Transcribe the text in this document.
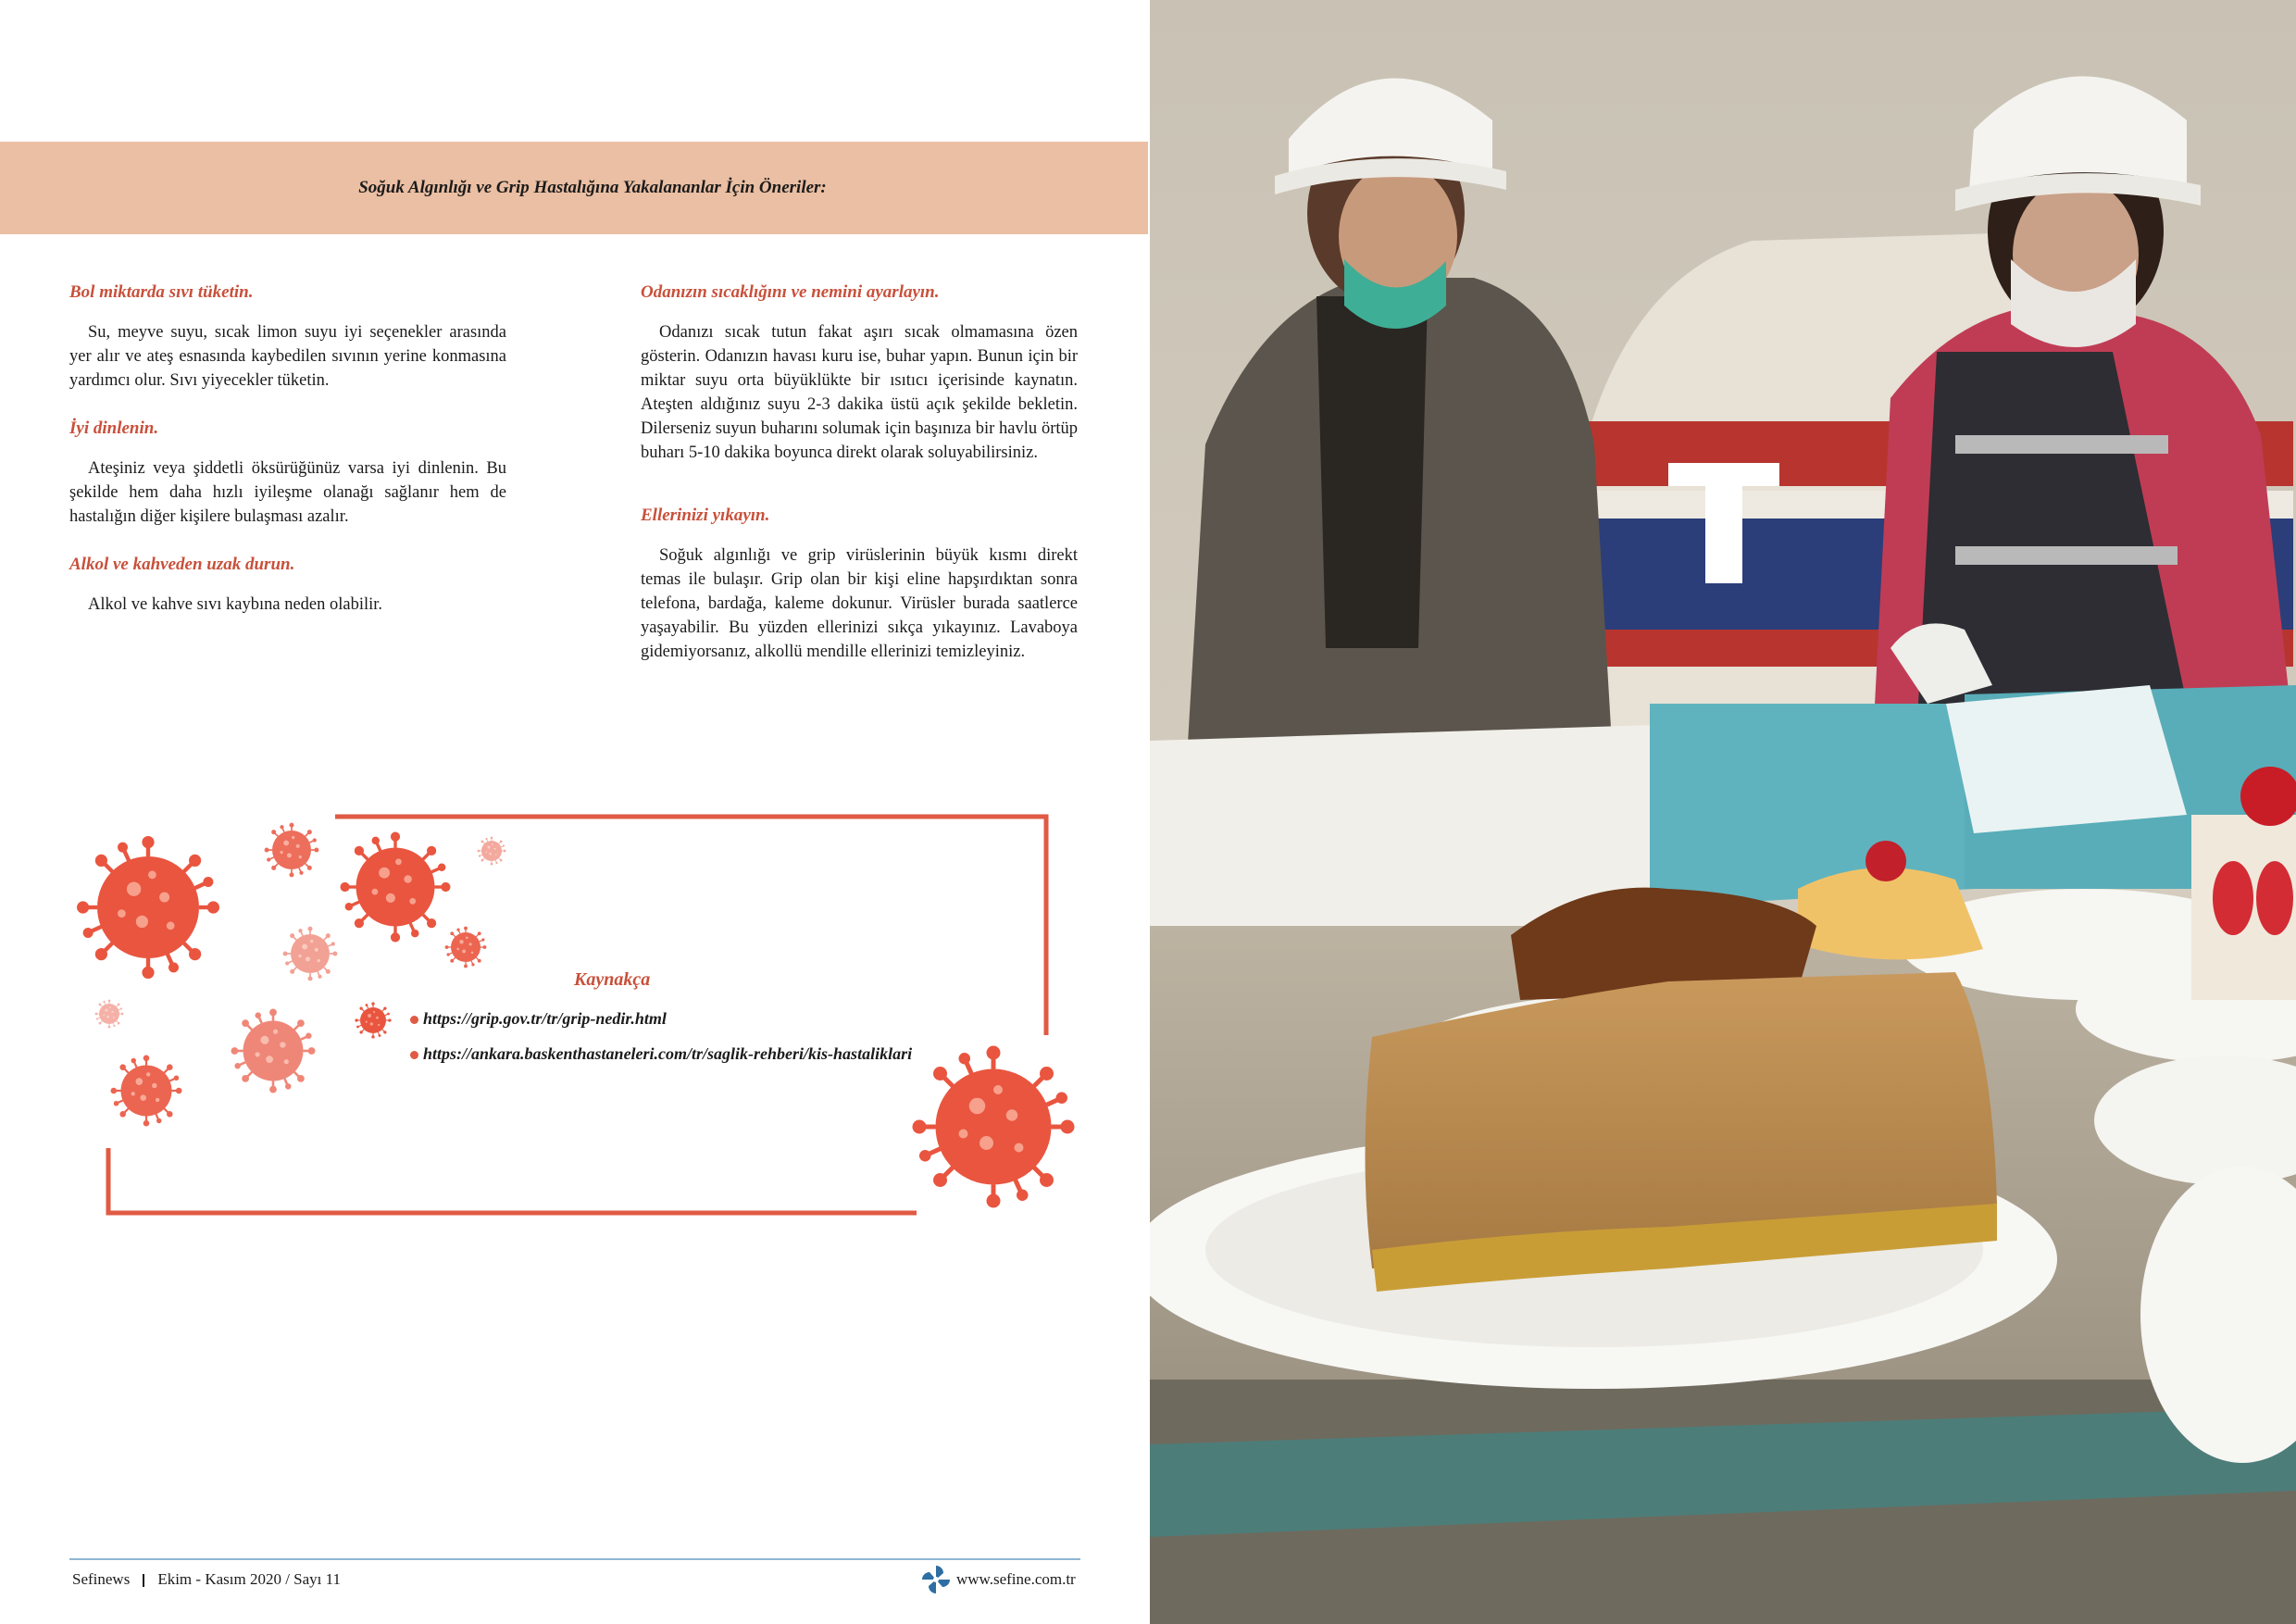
Soğuk Algınlığı ve Grip Hastalığına Yakalananlar İçin Öneriler:

Bol miktarda sıvı tüketin.

Su, meyve suyu, sıcak limon suyu iyi seçenekler arasında yer alır ve ateş esnasında kaybedilen sıvının yerine konmasına yardımcı olur. Sıvı yiyecekler tüketin.

İyi dinlenin.

Ateşiniz veya şiddetli öksürüğünüz varsa iyi dinlenin. Bu şekilde hem daha hızlı iyileşme olanağı sağlanır hem de hastalığın diğer kişilere bulaşması azalır.

Alkol ve kahveden uzak durun.

Alkol ve kahve sıvı kaybına neden olabilir.

Odanızın sıcaklığını ve nemini ayarlayın.

Odanızı sıcak tutun fakat aşırı sıcak olmamasına özen gösterin. Odanızın havası kuru ise, buhar yapın. Bunun için bir miktar suyu orta büyüklükte bir ısıtıcı içerisinde kaynatın. Ateşten aldığınız suyu 2-3 dakika üstü açık şekilde bekletin. Dilerseniz suyun buharını solumak için başınıza bir havlu örtüp buharı 5-10 dakika boyunca direkt olarak soluyabilirsiniz.

Ellerinizi yıkayın.

Soğuk algınlığı ve grip virüslerinin büyük kısmı direkt temas ile bulaşır. Grip olan bir kişi eline hapşırdıktan sonra telefona, bardağa, kaleme dokunur. Virüsler burada saatlerce yaşayabilir. Bu yüzden ellerinizi sıkça yıkayınız. Lavaboya gidemiyorsanız, alkollü mendille ellerinizi temizleyiniz.

Kaynakça
https://grip.gov.tr/tr/grip-nedir.html
https://ankara.baskenthastaneleri.com/tr/saglik-rehberi/kis-hastaliklari
Sefinews Ekim - Kasım 2020 / Sayı 11	www.sefine.com.tr
